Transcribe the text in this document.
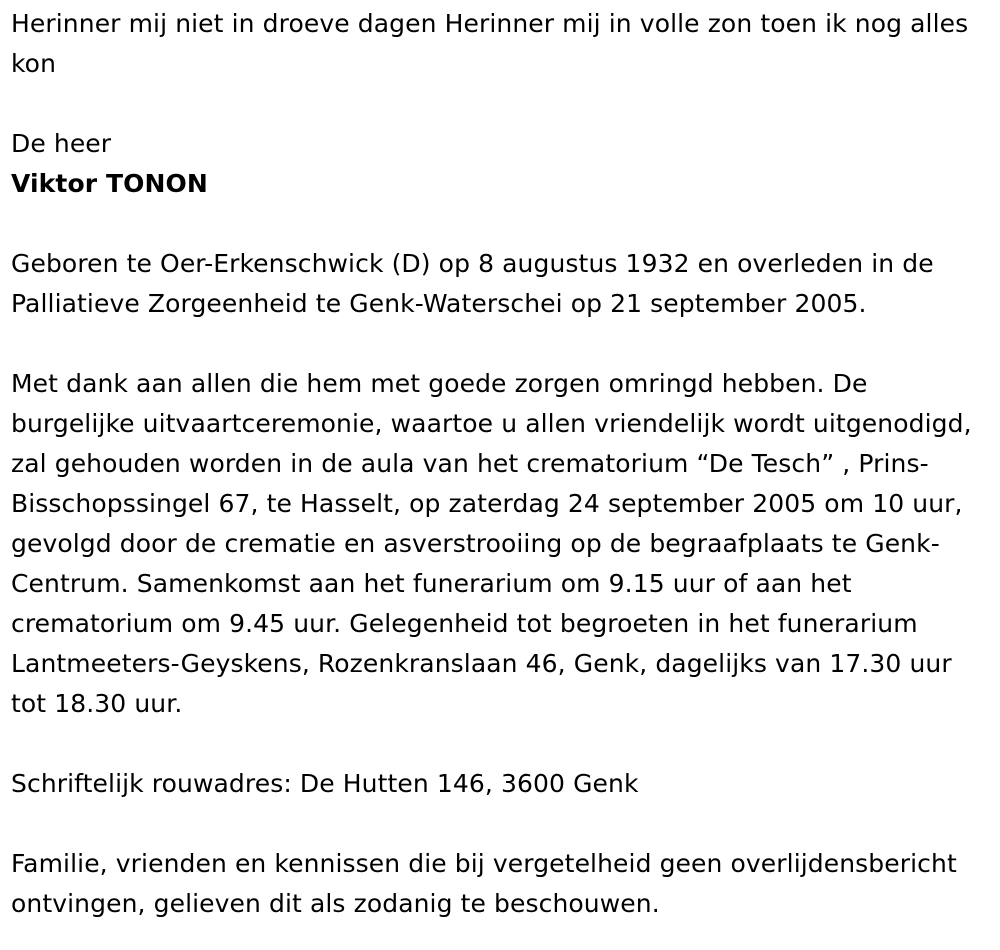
Herinner mij niet in droeve dagen Herinner mij in volle zon toen ik nog alles kon

De heer

Viktor TONON

Geboren te Oer-Erkenschwick (D) op 8 augustus 1932 en overleden in de Palliatieve Zorgeenheid te Genk-Waterschei op 21 september 2005.

Met dank aan allen die hem met goede zorgen omringd hebben. De burgelijke uitvaartceremonie, waartoe u allen vriendelijk wordt uitgenodigd, zal gehouden worden in de aula van het crematorium “De Tesch” , Prins-Bisschopssingel 67, te Hasselt, op zaterdag 24 september 2005 om 10 uur, gevolgd door de crematie en asverstrooiing op de begraafplaats te Genk-Centrum. Samenkomst aan het funerarium om 9.15 uur of aan het crematorium om 9.45 uur. Gelegenheid tot begroeten in het funerarium Lantmeeters-Geyskens, Rozenkranslaan 46, Genk, dagelijks van 17.30 uur tot 18.30 uur.

Schriftelijk rouwadres: De Hutten 146, 3600 Genk

Familie, vrienden en kennissen die bij vergetelheid geen overlijdensbericht ontvingen, gelieven dit als zodanig te beschouwen.
